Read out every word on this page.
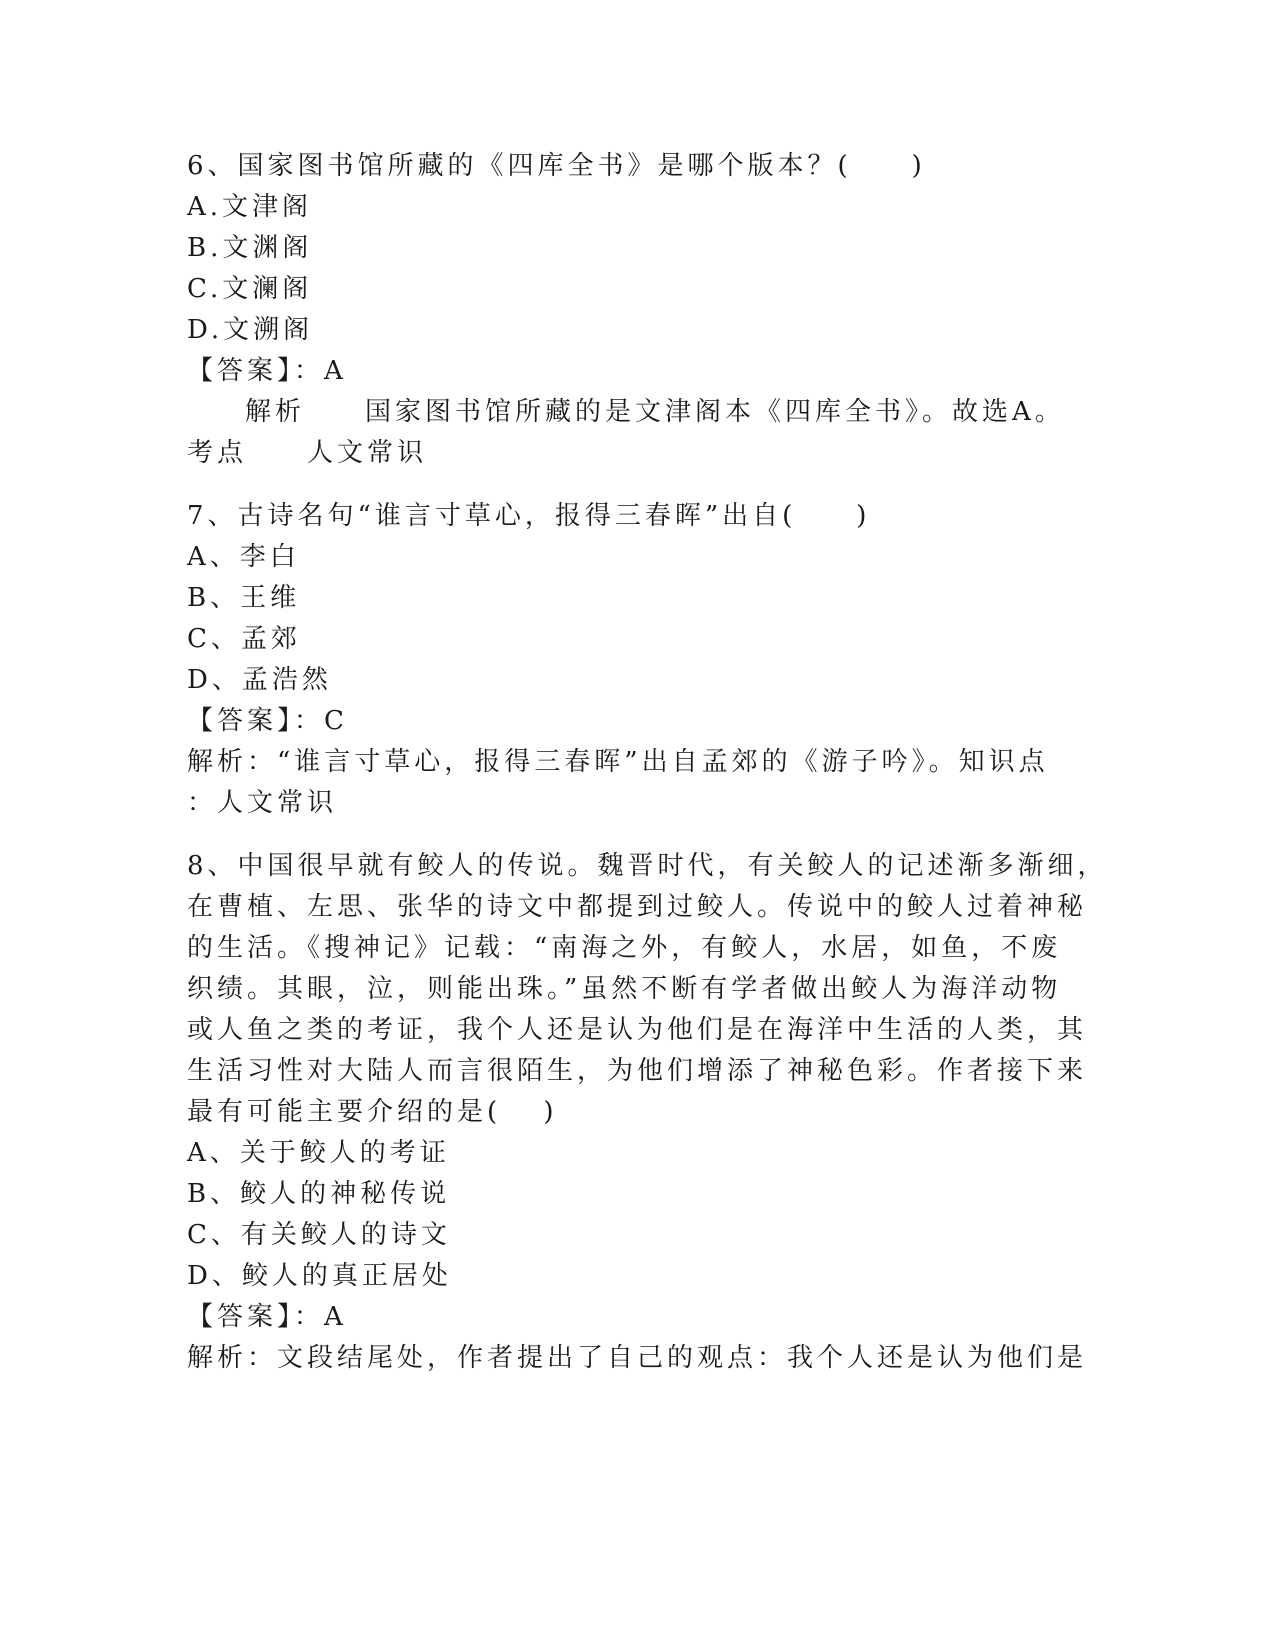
6、国家图书馆所藏的《四库全书》是哪个版本？(　　)
A.文津阁
B.文渊阁
C.文澜阁
D.文溯阁
【答案】：A
解析 国家图书馆所藏的是文津阁本《四库全书》。故选A。
考点 人文常识
7、古诗名句“谁言寸草心，报得三春晖”出自(　　)
A、李白
B、王维
C、孟郊
D、孟浩然
【答案】：C
解析：“谁言寸草心，报得三春晖”出自孟郊的《游子吟》。知识点
：人文常识
8、中国很早就有鲛人的传说。魏晋时代，有关鲛人的记述渐多渐细，
在曹植、左思、张华的诗文中都提到过鲛人。传说中的鲛人过着神秘
的生活。《搜神记》记载：“南海之外，有鲛人，水居，如鱼，不废
织绩。其眼，泣，则能出珠。”虽然不断有学者做出鲛人为海洋动物
或人鱼之类的考证，我个人还是认为他们是在海洋中生活的人类，其
生活习性对大陆人而言很陌生，为他们增添了神秘色彩。作者接下来
最有可能主要介绍的是(　 )
A、关于鲛人的考证
B、鲛人的神秘传说
C、有关鲛人的诗文
D、鲛人的真正居处
【答案】：A
解析：文段结尾处，作者提出了自己的观点：我个人还是认为他们是
